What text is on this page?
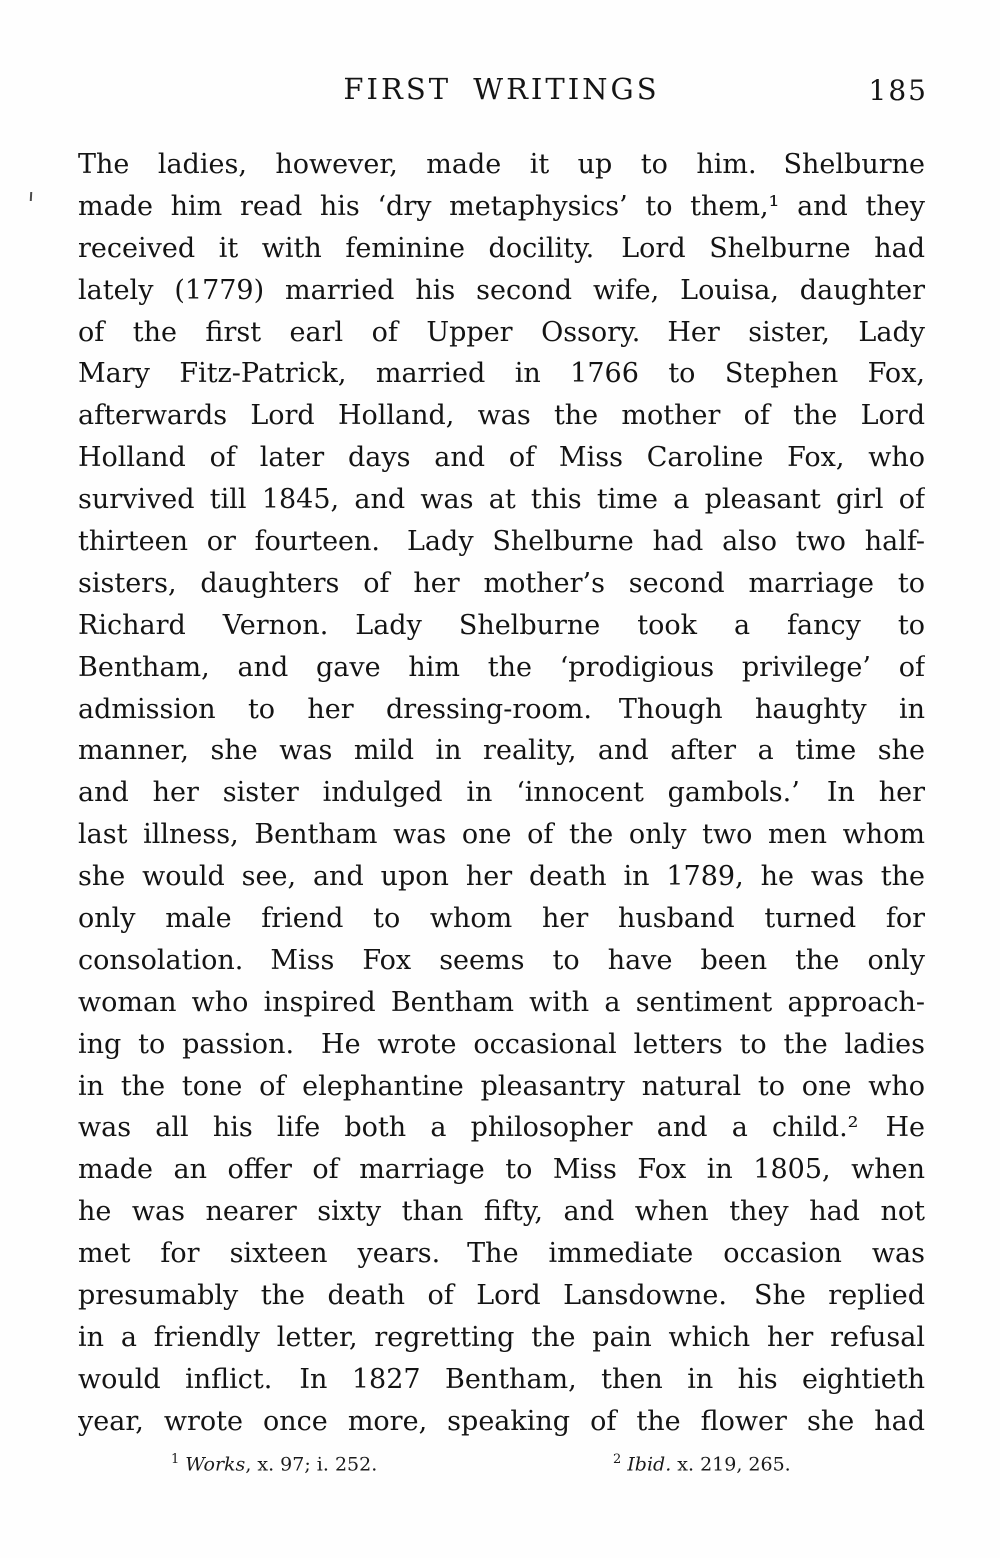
FIRST WRITINGS	185
The ladies, however, made it up to him. Shelburne
made him read his ‘dry metaphysics’ to them,¹ and they
received it with feminine docility. Lord Shelburne had
lately (1779) married his second wife, Louisa, daughter
of the first earl of Upper Ossory. Her sister, Lady
Mary Fitz-Patrick, married in 1766 to Stephen Fox,
afterwards Lord Holland, was the mother of the Lord
Holland of later days and of Miss Caroline Fox, who
survived till 1845, and was at this time a pleasant girl of
thirteen or fourteen. Lady Shelburne had also two half-
sisters, daughters of her mother’s second marriage to
Richard Vernon. Lady Shelburne took a fancy to
Bentham, and gave him the ‘prodigious privilege’ of
admission to her dressing-room. Though haughty in
manner, she was mild in reality, and after a time she
and her sister indulged in ‘innocent gambols.’ In her
last illness, Bentham was one of the only two men whom
she would see, and upon her death in 1789, he was the
only male friend to whom her husband turned for
consolation. Miss Fox seems to have been the only
woman who inspired Bentham with a sentiment approach-
ing to passion. He wrote occasional letters to the ladies
in the tone of elephantine pleasantry natural to one who
was all his life both a philosopher and a child.² He
made an offer of marriage to Miss Fox in 1805, when
he was nearer sixty than fifty, and when they had not
met for sixteen years. The immediate occasion was
presumably the death of Lord Lansdowne. She replied
in a friendly letter, regretting the pain which her refusal
would inflict. In 1827 Bentham, then in his eightieth
year, wrote once more, speaking of the flower she had
$^1$ Works, x. 97; i. 252.	$^2$ Ibid. x. 219, 265.
